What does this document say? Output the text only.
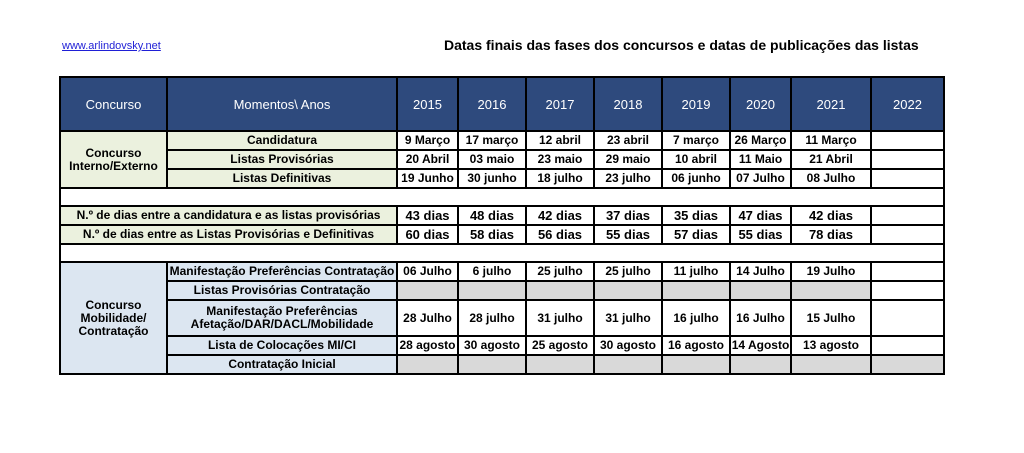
www.arlindovsky.net	Datas finais das fases dos concursos e datas de publicações das listas
Concurso	Momentos\ Anos	2015	2016	2017	2018	2019	2020	2021	2022
Concurso
Interno/Externo	Candidatura	9 Março	17 março	12 abril	23 abril	7 março	26 Março	11 Março	
	Listas Provisórias	20 Abril	03 maio	23 maio	29 maio	10 abril	11 Maio	21 Abril	
	Listas Definitivas	19 Junho	30 junho	18 julho	23 julho	06 junho	07 Julho	08 Julho	

N.º de dias entre a candidatura e as listas provisórias		43 dias	48 dias	42 dias	37 dias	35 dias	47 dias	42 dias	
N.º de dias entre as Listas Provisórias e Definitivas		60 dias	58 dias	56 dias	55 dias	57 dias	55 dias	78 dias	

Concurso
Mobilidade/
Contratação	Manifestação Preferências Contratação	06 Julho	6 julho	25 julho	25 julho	11 julho	14 Julho	19 Julho	
	Listas Provisórias Contratação								
	Manifestação Preferências
Afetação/DAR/DACL/Mobilidade	28 Julho	28 julho	31 julho	31 julho	16 julho	16 Julho	15 Julho	
	Lista de Colocações MI/CI	28 agosto	30 agosto	25 agosto	30 agosto	16 agosto	14 Agosto	13 agosto	
	Contratação Inicial								
